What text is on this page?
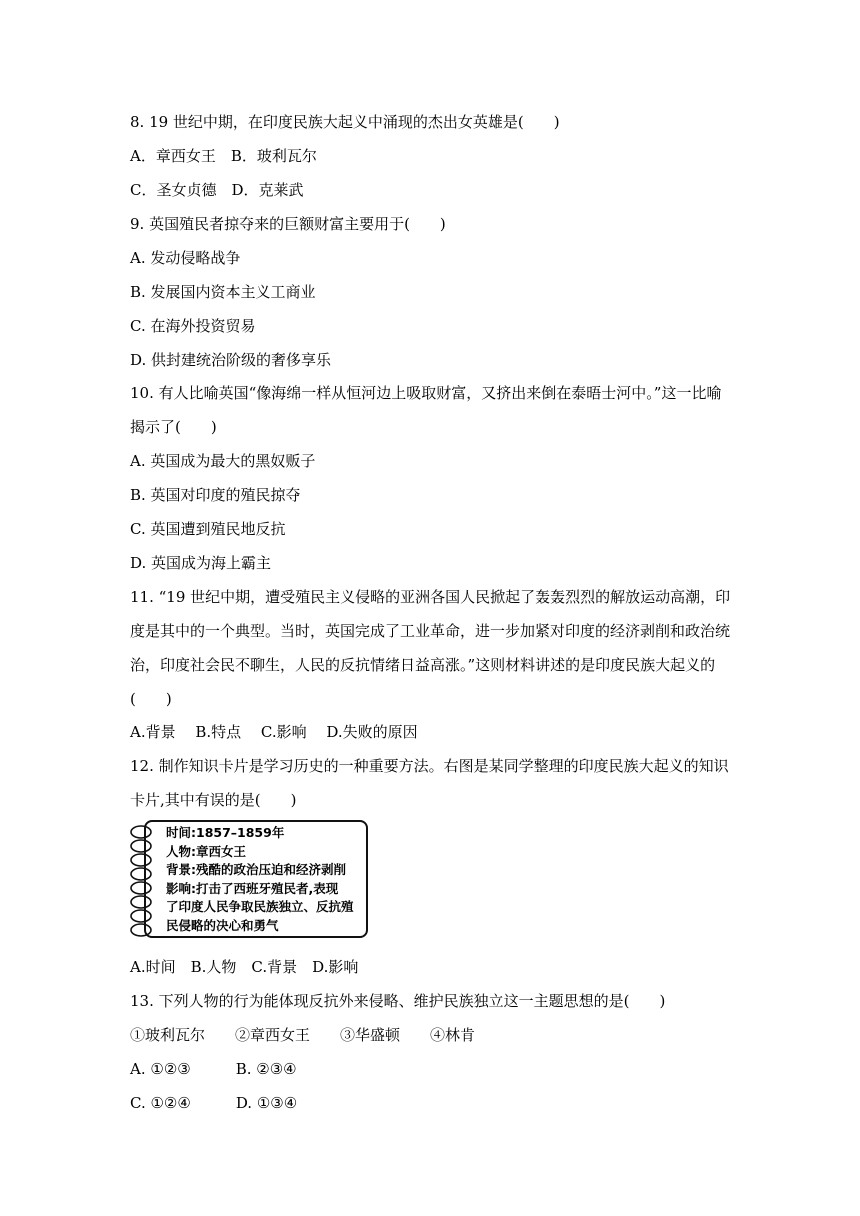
8. 19 世纪中期，在印度民族大起义中涌现的杰出女英雄是(　　)
A．章西女王　B．玻利瓦尔
C．圣女贞德　D．克莱武
9. 英国殖民者掠夺来的巨额财富主要用于(　　)
A. 发动侵略战争
B. 发展国内资本主义工商业
C. 在海外投资贸易
D. 供封建统治阶级的奢侈享乐
10. 有人比喻英国“像海绵一样从恒河边上吸取财富，又挤出来倒在泰晤士河中。”这一比喻
揭示了(　　)
A. 英国成为最大的黑奴贩子
B. 英国对印度的殖民掠夺
C. 英国遭到殖民地反抗
D. 英国成为海上霸主
11. “19 世纪中期，遭受殖民主义侵略的亚洲各国人民掀起了轰轰烈烈的解放运动高潮，印
度是其中的一个典型。当时，英国完成了工业革命，进一步加紧对印度的经济剥削和政治统
治，印度社会民不聊生，人民的反抗情绪日益高涨。”这则材料讲述的是印度民族大起义的
(　　)
A.背景　 B.特点　 C.影响　 D.失败的原因
12. 制作知识卡片是学习历史的一种重要方法。右图是某同学整理的印度民族大起义的知识
卡片,其中有误的是(　　)
时间:1857–1859年
人物:章西女王
背景:残酷的政治压迫和经济剥削
影响:打击了西班牙殖民者,表现
了印度人民争取民族独立、反抗殖
民侵略的决心和勇气
A.时间　B.人物　C.背景　D.影响
13. 下列人物的行为能体现反抗外来侵略、维护民族独立这一主题思想的是(　　)
①玻利瓦尔　　②章西女王　　③华盛顿　　④林肯
A. ①②③　　　B. ②③④
C. ①②④　　　D. ①③④
